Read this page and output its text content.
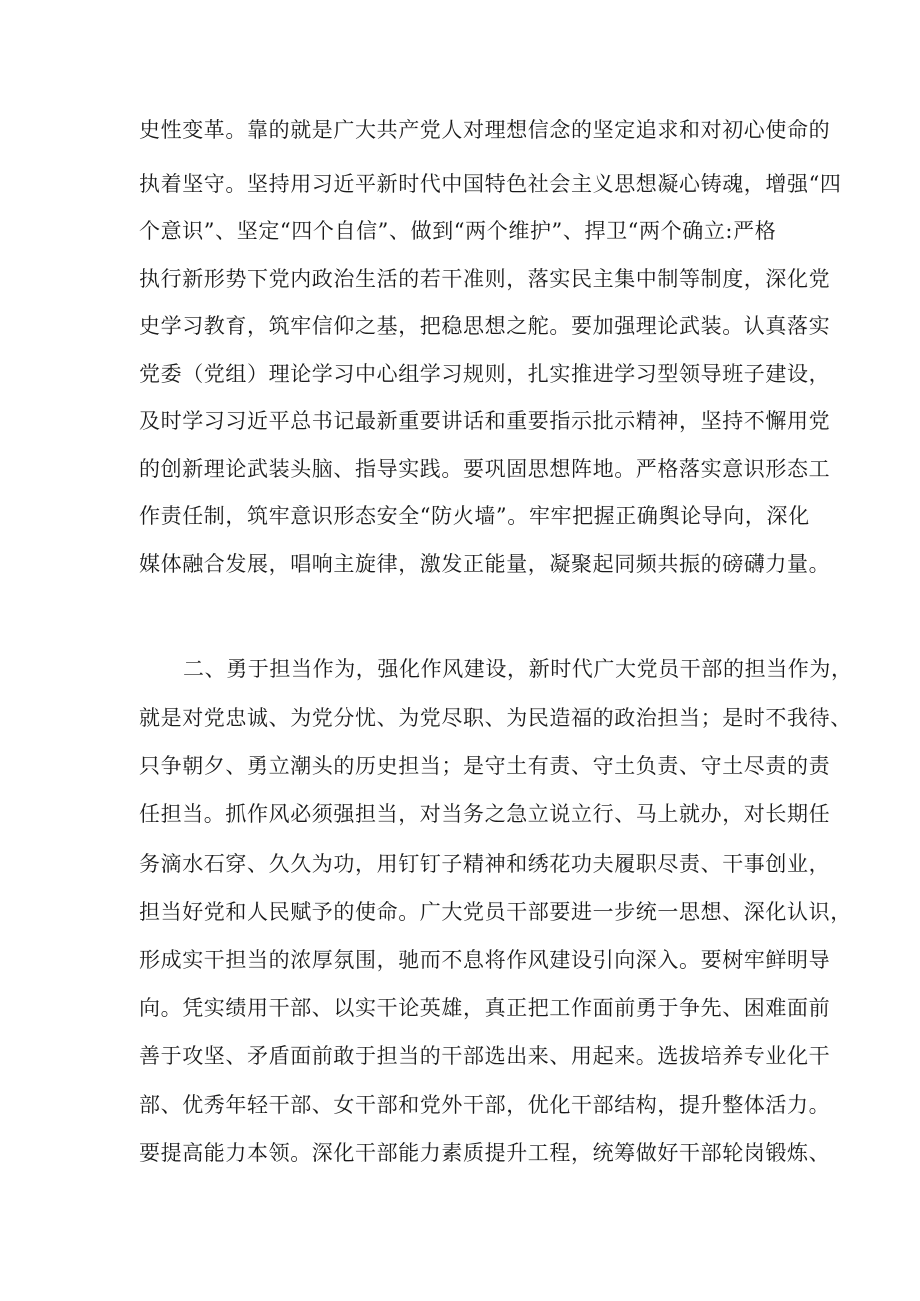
史性变革。靠的就是广大共产党人对理想信念的坚定追求和对初心使命的
执着坚守。坚持用习近平新时代中国特色社会主义思想凝心铸魂，增强“四
个意识”、坚定“四个自信”、做到“两个维护”、捍卫“两个确立:严格
执行新形势下党内政治生活的若干准则，落实民主集中制等制度，深化党
史学习教育，筑牢信仰之基，把稳思想之舵。要加强理论武装。认真落实
党委（党组）理论学习中心组学习规则，扎实推进学习型领导班子建设，
及时学习习近平总书记最新重要讲话和重要指示批示精神，坚持不懈用党
的创新理论武装头脑、指导实践。要巩固思想阵地。严格落实意识形态工
作责任制，筑牢意识形态安全“防火墙”。牢牢把握正确舆论导向，深化
媒体融合发展，唱响主旋律，激发正能量，凝聚起同频共振的磅礴力量。
二、勇于担当作为，强化作风建设，新时代广大党员干部的担当作为，
就是对党忠诚、为党分忧、为党尽职、为民造福的政治担当；是时不我待、
只争朝夕、勇立潮头的历史担当；是守土有责、守土负责、守土尽责的责
任担当。抓作风必须强担当，对当务之急立说立行、马上就办，对长期任
务滴水石穿、久久为功，用钉钉子精神和绣花功夫履职尽责、干事创业，
担当好党和人民赋予的使命。广大党员干部要进一步统一思想、深化认识，
形成实干担当的浓厚氛围，驰而不息将作风建设引向深入。要树牢鲜明导
向。凭实绩用干部、以实干论英雄，真正把工作面前勇于争先、困难面前
善于攻坚、矛盾面前敢于担当的干部选出来、用起来。选拔培养专业化干
部、优秀年轻干部、女干部和党外干部，优化干部结构，提升整体活力。
要提高能力本领。深化干部能力素质提升工程，统筹做好干部轮岗锻炼、
